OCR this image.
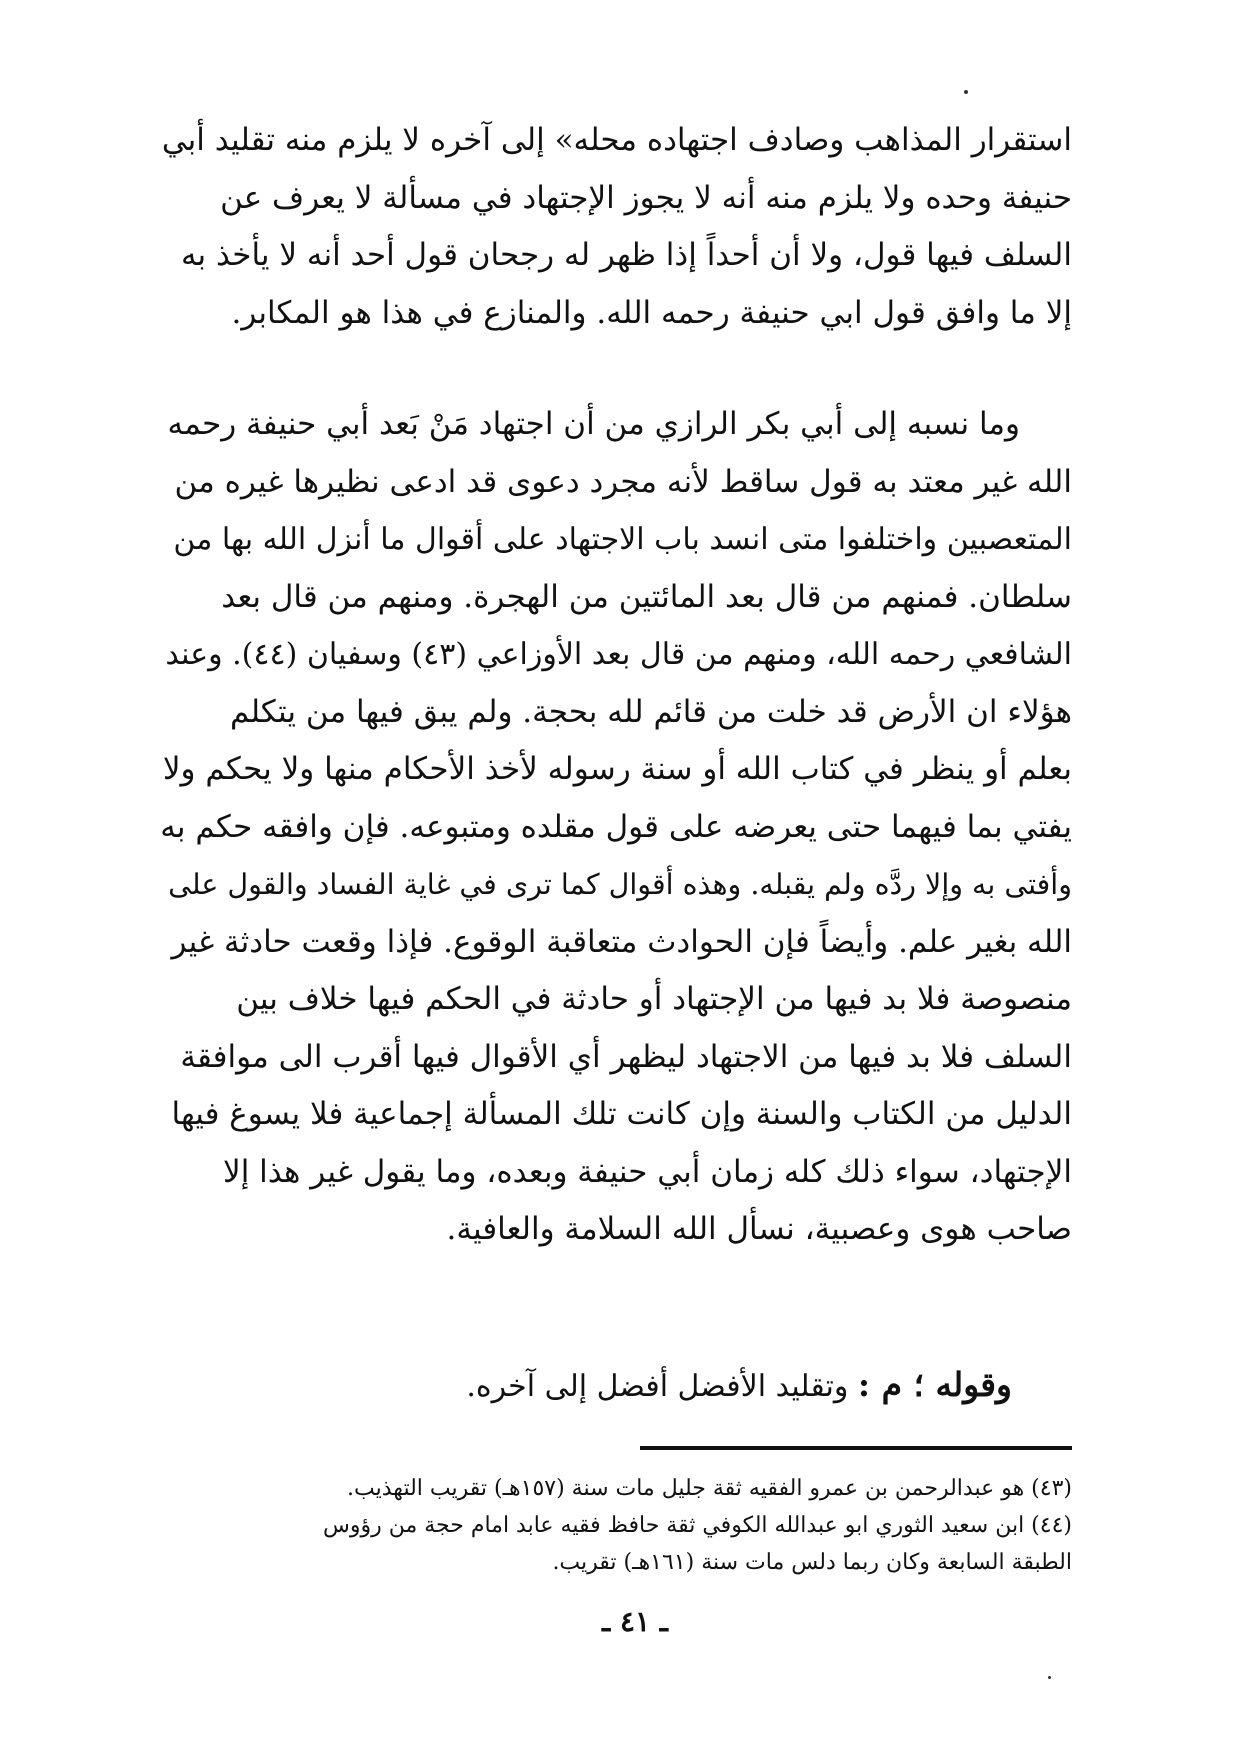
استقرار المذاهب وصادف اجتهاده محله» إلى آخره لا يلزم منه تقليد أبي
حنيفة وحده ولا يلزم منه أنه لا يجوز الإجتهاد في مسألة لا يعرف عن
السلف فيها قول، ولا أن أحداً إذا ظهر له رجحان قول أحد أنه لا يأخذ به
إلا ما وافق قول ابي حنيفة رحمه الله. والمنازع في هذا هو المكابر.
وما نسبه إلى أبي بكر الرازي من أن اجتهاد مَنْ بَعد أبي حنيفة رحمه
الله غير معتد به قول ساقط لأنه مجرد دعوى قد ادعى نظيرها غيره من
المتعصبين واختلفوا متى انسد باب الاجتهاد على أقوال ما أنزل الله بها من
سلطان. فمنهم من قال بعد المائتين من الهجرة. ومنهم من قال بعد
الشافعي رحمه الله، ومنهم من قال بعد الأوزاعي (٤٣) وسفيان (٤٤). وعند
هؤلاء ان الأرض قد خلت من قائم لله بحجة. ولم يبق فيها من يتكلم
بعلم أو ينظر في كتاب الله أو سنة رسوله لأخذ الأحكام منها ولا يحكم ولا
يفتي بما فيهما حتى يعرضه على قول مقلده ومتبوعه. فإن وافقه حكم به
وأفتى به وإلا ردَّه ولم يقبله. وهذه أقوال كما ترى في غاية الفساد والقول على
الله بغير علم. وأيضاً فإن الحوادث متعاقبة الوقوع. فإذا وقعت حادثة غير
منصوصة فلا بد فيها من الإجتهاد أو حادثة في الحكم فيها خلاف بين
السلف فلا بد فيها من الاجتهاد ليظهر أي الأقوال فيها أقرب الى موافقة
الدليل من الكتاب والسنة وإن كانت تلك المسألة إجماعية فلا يسوغ فيها
الإجتهاد، سواء ذلك كله زمان أبي حنيفة وبعده، وما يقول غير هذا إلا
صاحب هوى وعصبية، نسأل الله السلامة والعافية.
وقوله ؛ م : وتقليد الأفضل أفضل إلى آخره.
(٤٣) هو عبدالرحمن بن عمرو الفقيه ثقة جليل مات سنة (١٥٧هـ) تقريب التهذيب.
(٤٤) ابن سعيد الثوري ابو عبدالله الكوفي ثقة حافظ فقيه عابد امام حجة من رؤوس
الطبقة السابعة وكان ربما دلس مات سنة (١٦١هـ) تقريب.
ـ ٤١ ـ
